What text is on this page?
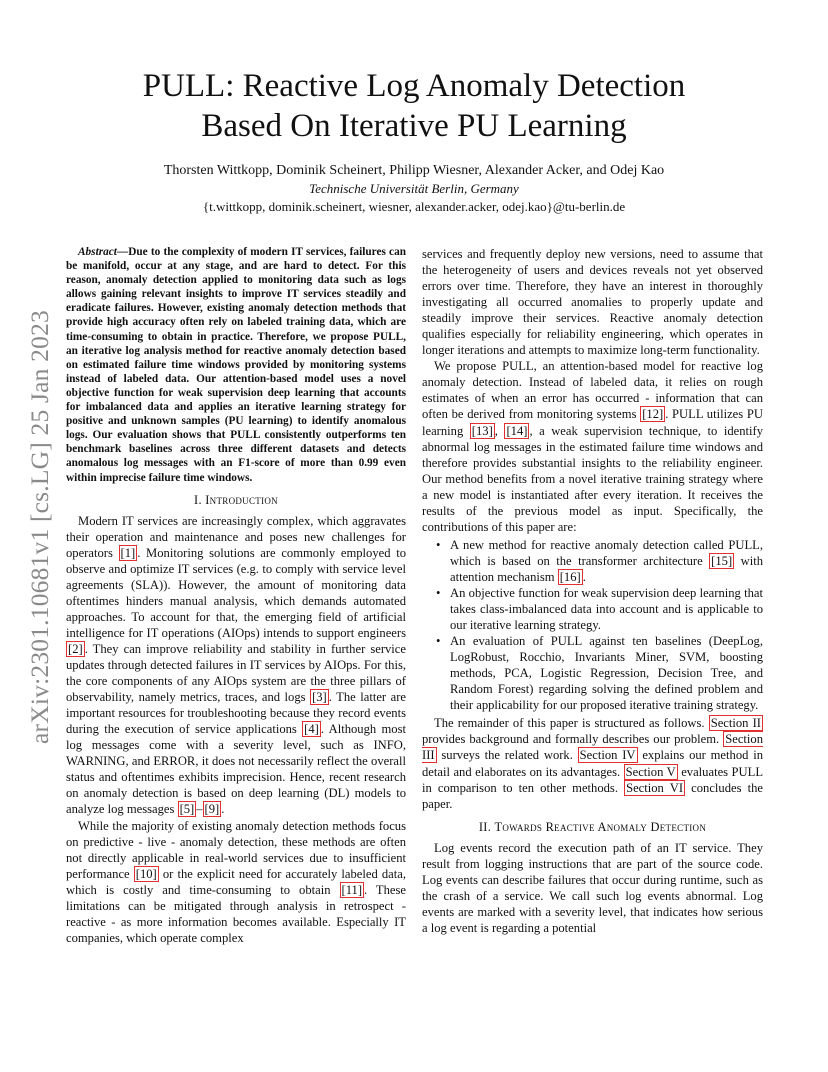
arXiv:2301.10681v1 [cs.LG] 25 Jan 2023
PULL: Reactive Log Anomaly Detection
Based On Iterative PU Learning
Thorsten Wittkopp, Dominik Scheinert, Philipp Wiesner, Alexander Acker, and Odej Kao
Technische Universität Berlin, Germany
{t.wittkopp, dominik.scheinert, wiesner, alexander.acker, odej.kao}@tu-berlin.de

Abstract—Due to the complexity of modern IT services, failures can be manifold, occur at any stage, and are hard to detect. For this reason, anomaly detection applied to monitoring data such as logs allows gaining relevant insights to improve IT services steadily and eradicate failures. However, existing anomaly detection methods that provide high accuracy often rely on labeled training data, which are time-consuming to obtain in practice. Therefore, we propose PULL, an iterative log analysis method for reactive anomaly detection based on estimated failure time windows provided by monitoring systems instead of labeled data. Our attention-based model uses a novel objective function for weak supervision deep learning that accounts for imbalanced data and applies an iterative learning strategy for positive and unknown samples (PU learning) to identify anomalous logs. Our evaluation shows that PULL consistently outperforms ten benchmark baselines across three different datasets and detects anomalous log messages with an F1-score of more than 0.99 even within imprecise failure time windows.

I. Introduction

Modern IT services are increasingly complex, which aggravates their operation and maintenance and poses new challenges for operators [1] . Monitoring solutions are commonly employed to observe and optimize IT services (e.g. to comply with service level agreements (SLA)). However, the amount of monitoring data oftentimes hinders manual analysis, which demands automated approaches. To account for that, the emerging field of artificial intelligence for IT operations (AIOps) intends to support engineers [2] . They can improve reliability and stability in further service updates through detected failures in IT services by AIOps. For this, the core components of any AIOps system are the three pillars of observability, namely metrics, traces, and logs [3] . The latter are important resources for troubleshooting because they record events during the execution of service applications [4] . Although most log messages come with a severity level, such as INFO, WARNING, and ERROR, it does not necessarily reflect the overall status and oftentimes exhibits imprecision. Hence, recent research on anomaly detection is based on deep learning (DL) models to analyze log messages [5] – [9] .

While the majority of existing anomaly detection methods focus on predictive - live - anomaly detection, these methods are often not directly applicable in real-world services due to insufficient performance [10] or the explicit need for accurately labeled data, which is costly and time-consuming to obtain [11] . These limitations can be mitigated through analysis in retrospect - reactive - as more information becomes available. Especially IT companies, which operate complex

services and frequently deploy new versions, need to assume that the heterogeneity of users and devices reveals not yet observed errors over time. Therefore, they have an interest in thoroughly investigating all occurred anomalies to properly update and steadily improve their services. Reactive anomaly detection qualifies especially for reliability engineering, which operates in longer iterations and attempts to maximize long-term functionality.

We propose PULL, an attention-based model for reactive log anomaly detection. Instead of labeled data, it relies on rough estimates of when an error has occurred - information that can often be derived from monitoring systems [12] . PULL utilizes PU learning [13] , [14] , a weak supervision technique, to identify abnormal log messages in the estimated failure time windows and therefore provides substantial insights to the reliability engineer. Our method benefits from a novel iterative training strategy where a new model is instantiated after every iteration. It receives the results of the previous model as input. Specifically, the contributions of this paper are:

• A new method for reactive anomaly detection called PULL, which is based on the transformer architecture [15] with attention mechanism [16] .
• An objective function for weak supervision deep learning that takes class-imbalanced data into account and is applicable to our iterative learning strategy.
• An evaluation of PULL against ten baselines (DeepLog, LogRobust, Rocchio, Invariants Miner, SVM, boosting methods, PCA, Logistic Regression, Decision Tree, and Random Forest) regarding solving the defined problem and their applicability for our proposed iterative training strategy.

The remainder of this paper is structured as follows. Section II provides background and formally describes our problem. Section III surveys the related work. Section IV explains our method in detail and elaborates on its advantages. Section V evaluates PULL in comparison to ten other methods. Section VI concludes the paper.

II. Towards Reactive Anomaly Detection

Log events record the execution path of an IT service. They result from logging instructions that are part of the source code. Log events can describe failures that occur during runtime, such as the crash of a service. We call such log events abnormal. Log events are marked with a severity level, that indicates how serious a log event is regarding a potential
